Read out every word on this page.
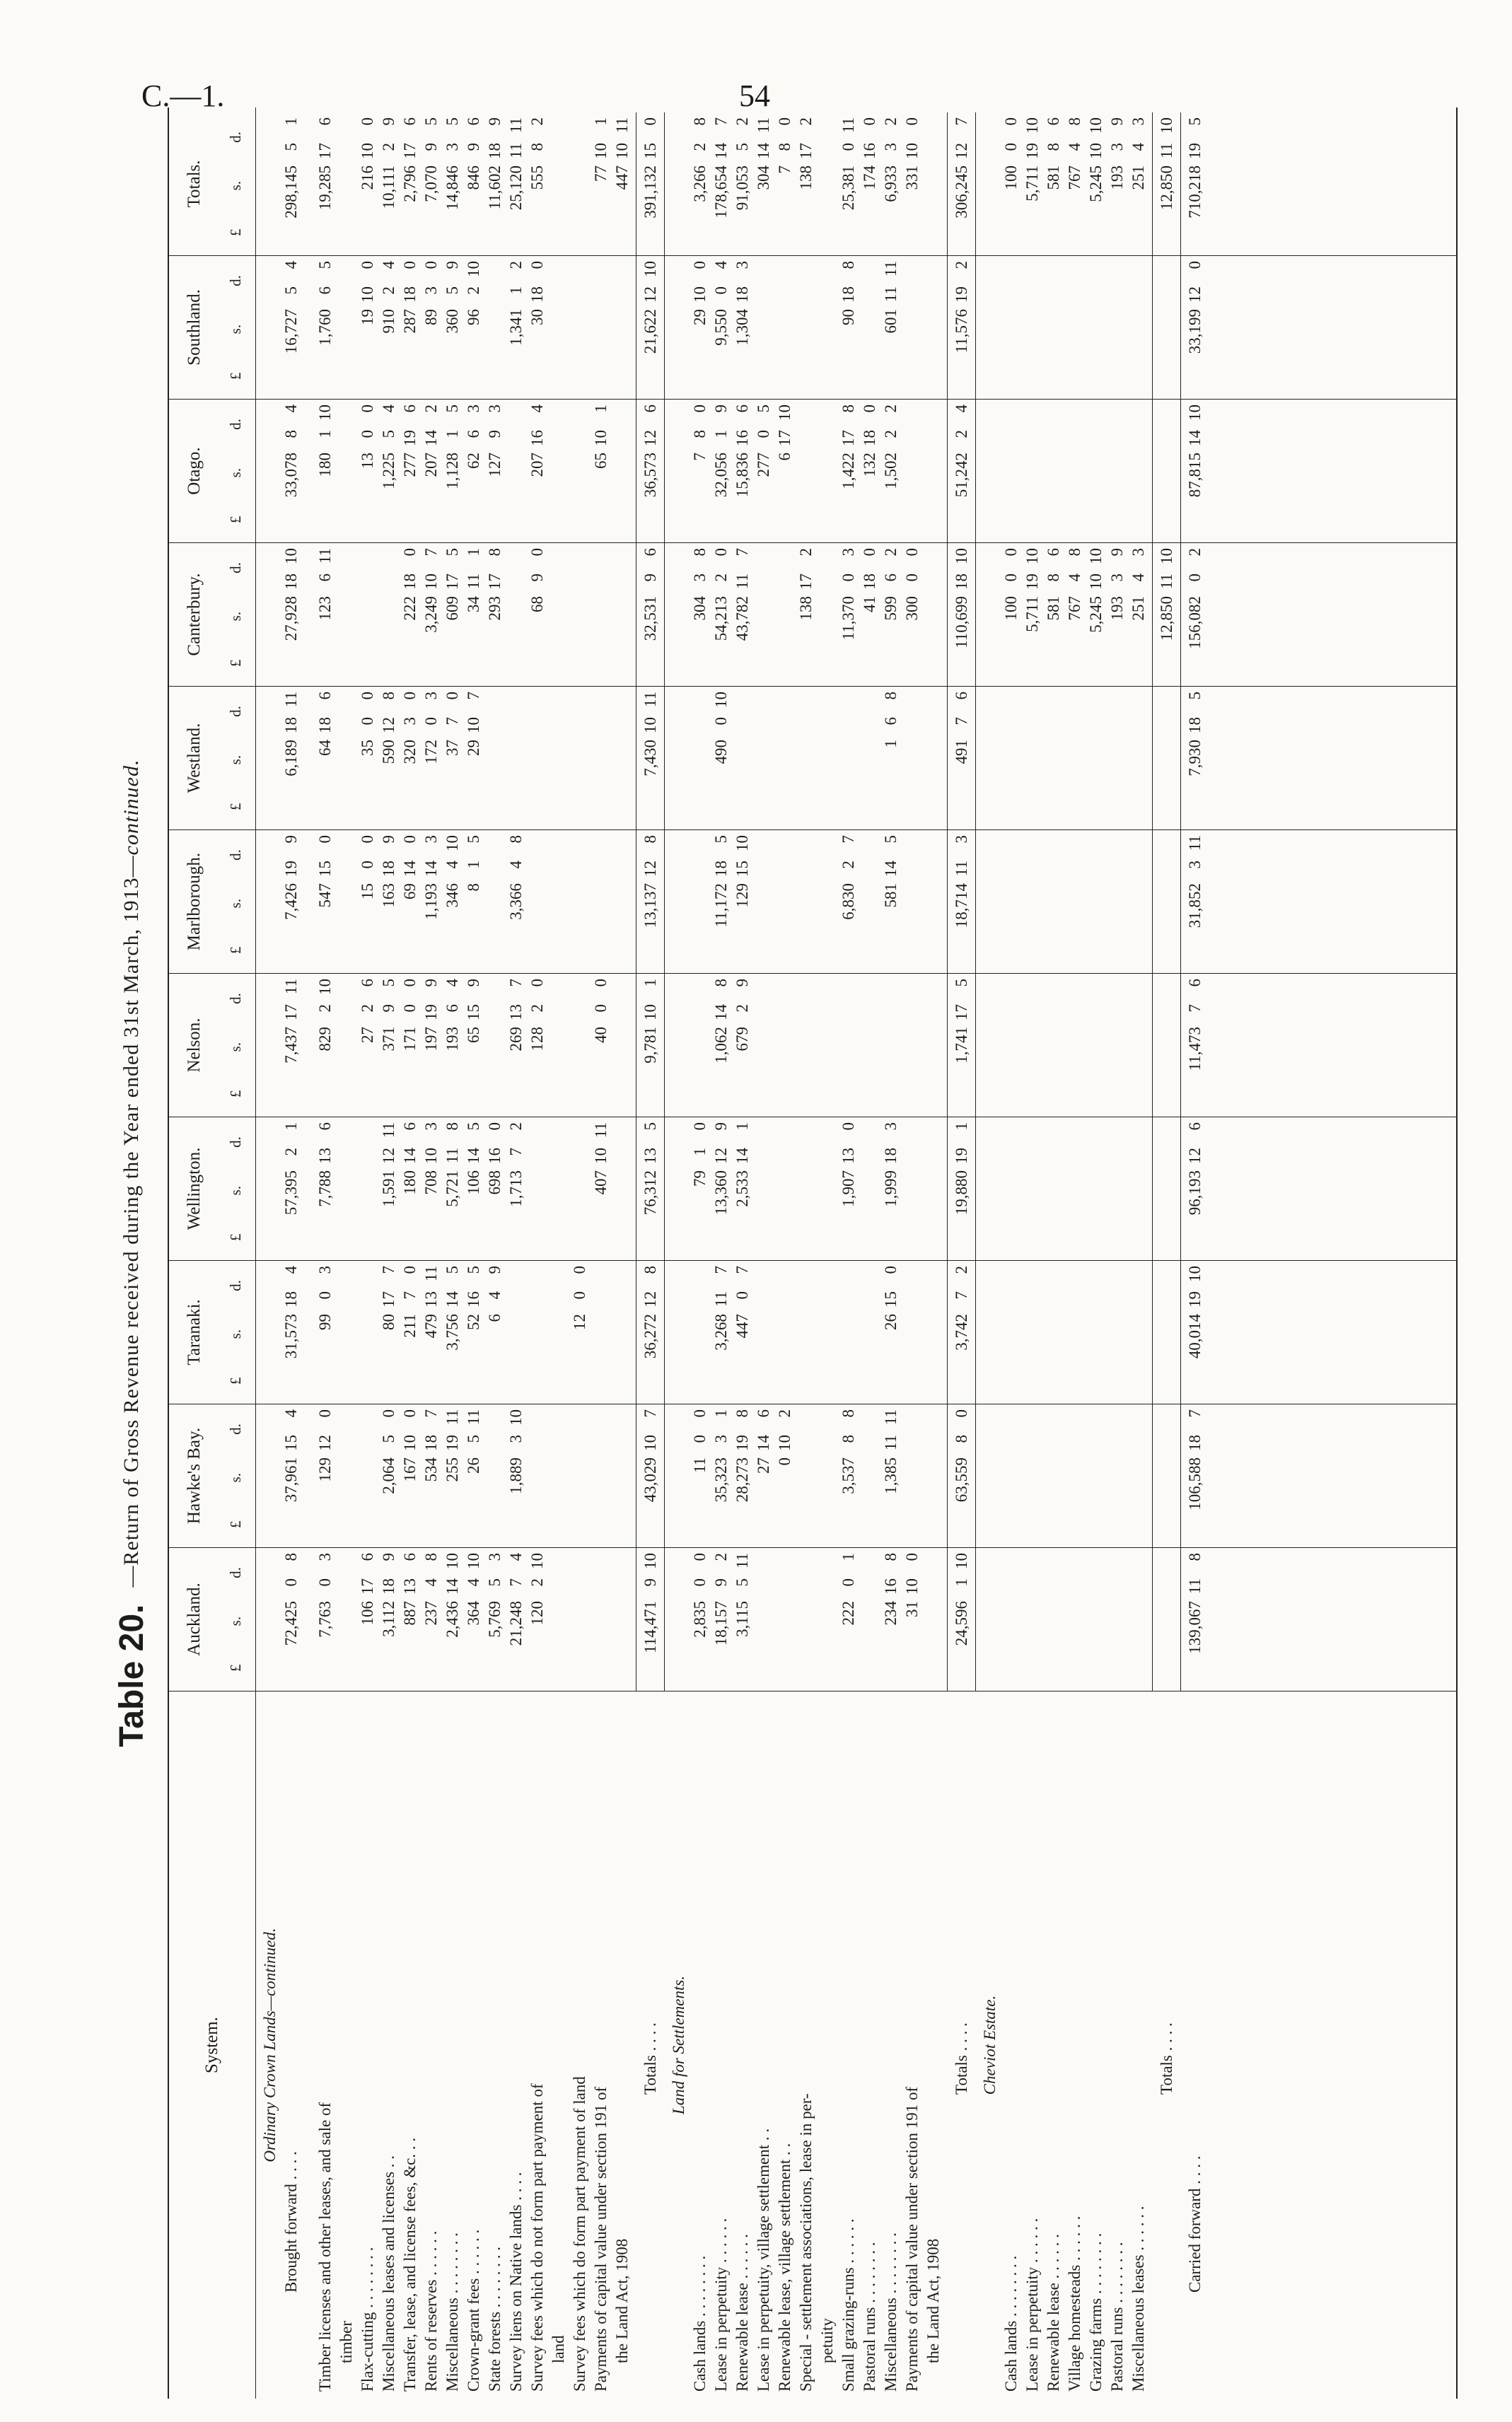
C.—1.	54
Table 20.
—Return of Gross Revenue received during the Year ended 31st March, 1913—continued.
System.
Auckland.
£
s.
d.
Hawke's Bay.
£
s.
d.
Taranaki.
£
s.
d.
Wellington.
£
s.
d.
Nelson.
£
s.
d.
Marlborough.	£
s.
d.
Westland.
£
s.
d.
Canterbury.
£
s.
d.
Otago.
£
s.
d.
Southland.
£
s.
d.
Totals.
£
s.
d.
Ordinary Crown Lands—continued.
Brought forward . . . .
72,425
0
8
37,961
15
4
31,573
18
4
57,395
2
1
7,437
17
11
7,426
19
9
6,189
18
11
27,928
18
10
33,078
8
4
16,727
5
4
298,145
5
1
Timber licenses and other leases, and sale of
7,763
0
3
129
12
0
99
0
3
7,788
13
6
829
2
10
547
15
0
64
18
6
123
6
11
180
1
10
1,760
6
5
19,285
17
6
timber Flax-cutting . . . . . . . .
106
17
6
27
2
6
15
0
0
35
0
0
13
0
0
19
10
0
216
10
0
Miscellaneous leases and licenses . .
3,112
18
9
2,064
5
0
80
17
7
1,591
12
11
371
9
5
163
18
9
590
12
8
1,225
5
4
910
2
4
10,111
2
9
Transfer, lease, and license fees, &c. . .
887
13
6
167
10
0
211
7
0
180
14
6
171
0
0
69
14
0
320
3
0
222
18
0
277
19
6
287
18
0
2,796
17
6
Rents of reserves . . . . . .
237
4
8
534
18
7
479
13
11
708
10
3
197
19
9
1,193
14
3
172
0
3
3,249
10
7
207
14
2
89
3
0
7,070
9
5
Miscellaneous . . . . . . . .
2,436
14
10
255
19
11
3,756
14
5
5,721
11
8
193
6
4
346
4
10
37
7
0
609
17
5
1,128
1
5
360
5
9
14,846
3
5
Crown-grant fees . . . . . .
364
4
10
26
5
11
52
16
5
106
14
5
65
15
9
8
1
5
29
10
7
34
11
1
62
6
3
96
2
10
846
9
6
State forests . . . . . . . .
5,769
5
3
6
4
9
698
16
0
293
17
8
127
9
3
11,602
18
9
Survey liens on Native lands . . . .
21,248
7
4
1,889
3
10
1,713
7
2
269
13
7
3,366
4
8
1,341
1
2
25,120
11
11
Survey fees which do not form part payment of
120
2
10
128
2
0
68
9
0
207
16
4
30
18
0
555
8
2
land Survey fees which do form part payment of land
12
0
0
Payments of capital value under section 191 of
407
10
11
40
0
0
65
10
1
77
10
1
the Land Act, 1908
447
10
11
Totals . . . .
114,471
9
10
43,029
10
7
36,272
12
8
76,312
13
5
9,781
10
1
13,137
12
8
7,430
10
11
32,531
9
6
36,573
12
6
21,622
12
10
391,132
15
0
Land for Settlements.
Cash lands . . . . . . . .
2,835
0
0
11
0
0
79
1
0
304
3
8
7
8
0
29
10
0
3,266
2
8
Lease in perpetuity . . . . . .
18,157
9
2
35,323
3
1
3,268
11
7
13,360
12
9
1,062
14
8
11,172
18
5
490
0
10
54,213
2
0
32,056
1
9
9,550
0
4
178,654
14
7
Renewable lease . . . . . .
3,115
5
11
28,273
19
8
447
0
7
2,533
14
1
679
2
9
129
15
10
43,782
11
7
15,836
16
6
1,304
18
3
91,053
5
2
Lease in perpetuity, village settlement . .
27
14
6
277
0
5
304
14
11
Renewable lease, village settlement . .
0
10
2
6
17
10
7
8
0
Special - settlement associations, lease in per-
138
17
2
138
17
2
petuity Small grazing-runs . . . . . .
222
0
1
3,537
8
8
1,907
13
0
6,830
2
7
11,370
0
3
1,422
17
8
90
18
8
25,381
0
11
Pastoral runs . . . . . . . .
41
18
0
132
18
0
174
16
0
Miscellaneous . . . . . . . .
234
16
8
1,385
11
11
26
15
0
1,999
18
3
581
14
5
1
6
8
599
6
2
1,502
2
2
601
11
11
6,933
3
2
Payments of capital value under section 191 of
31
10
0
300
0
0
331
10
0
the Land Act, 1908
Totals . . . .
24,596
1
10
63,559
8
0
3,742
7
2
19,880
19
1
1,741
17
5
18,714
11
3
491
7
6
110,699
18
10
51,242
2
4
11,576
19
2
306,245
12
7
Cheviot Estate.
Cash lands . . . . . . . .
100
0
0
100
0
0
Lease in perpetuity . . . . . .
5,711
19
10
5,711
19
10
Renewable lease . . . . . .
581
8
6
581
8
6
Village homesteads . . . . . .
767
4
8
767
4
8
Grazing farms . . . . . . . .
5,245
10
10
5,245
10
10
Pastoral runs . . . . . . . .
193
3
9
193
3
9
Miscellaneous leases . . . . . .
251
4
3
251
4
3
Totals . . . .
12,850
11
10
12,850
11
10
Carried forward . . . .
139,067
11
8
106,588
18
7
40,014
19
10
96,193
12
6
11,473
7
6
31,852
3
11
7,930
18
5
156,082
0
2
87,815
14
10
33,199
12
0
710,218
19
5
